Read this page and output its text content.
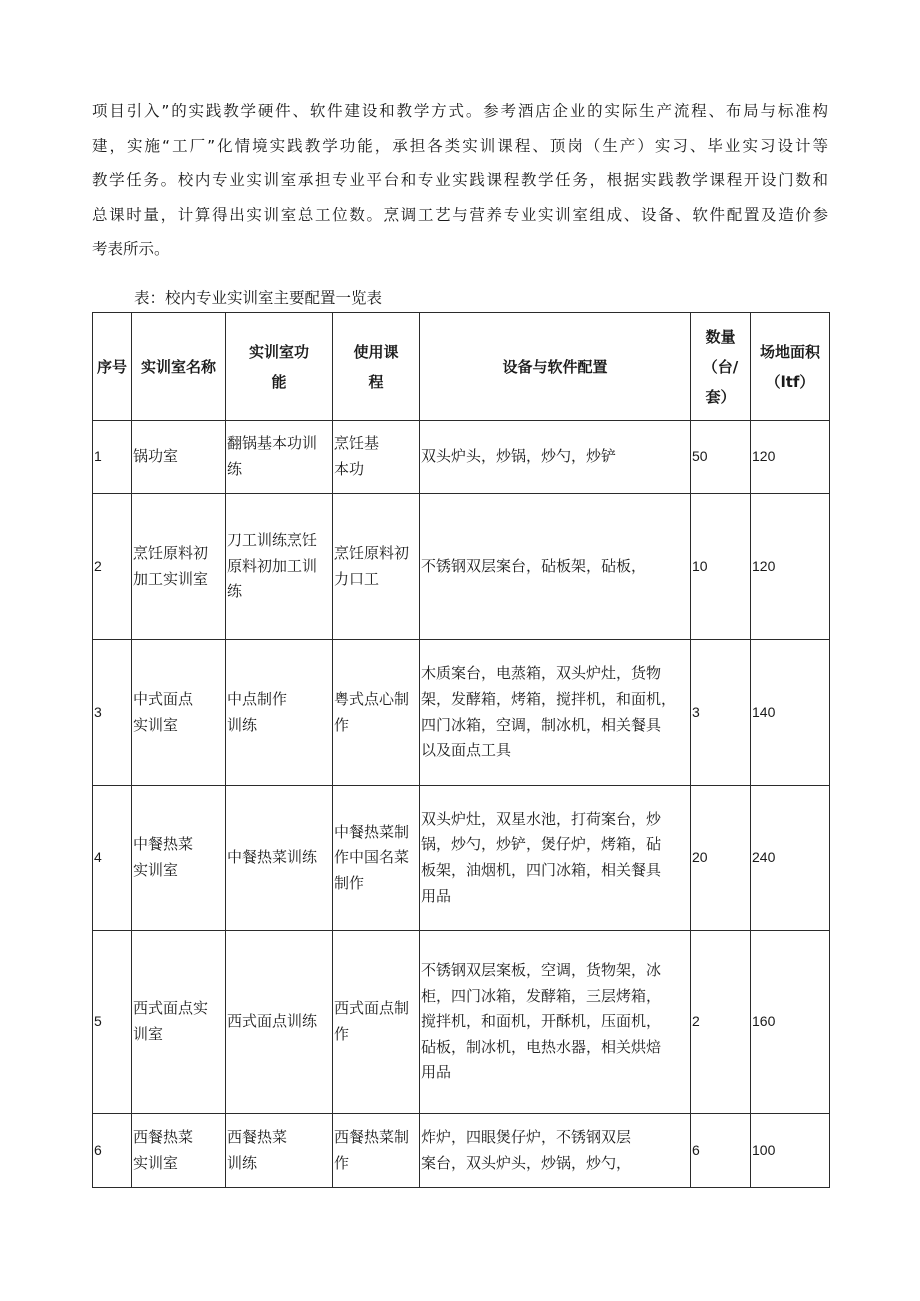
项目引入”的实践教学硬件、软件建设和教学方式。参考酒店企业的实际生产流程、布局与标准构
建，实施“工厂”化情境实践教学功能，承担各类实训课程、顶岗（生产）实习、毕业实习设计等
教学任务。校内专业实训室承担专业平台和专业实践课程教学任务，根据实践教学课程开设门数和
总课时量，计算得出实训室总工位数。烹调工艺与营养专业实训室组成、设备、软件配置及造价参
考表所示。
表：校内专业实训室主要配置一览表
序号	实训室名称	实训室功
能	使用课
程	设备与软件配置	数量
（台/
套）	场地面积
（ltf）

1	锅功室	翻锅基本功训
练	烹饪基
本功	双头炉头，炒锅，炒勺，炒铲	50	120
2	烹饪原料初
加工实训室	刀工训练烹饪
原料初加工训
练	烹饪原料初
力口工	不锈钢双层案台，砧板架，砧板，	10	120
3	中式面点
实训室	中点制作
训练	粤式点心制
作	木质案台，电蒸箱，双头炉灶，货物
架，发酵箱，烤箱，搅拌机，和面机，
四门冰箱，空调，制冰机，相关餐具
以及面点工具	3	140
4	中餐热菜
实训室	中餐热菜训练	中餐热菜制
作中国名菜
制作	双头炉灶，双星水池，打荷案台，炒
锅，炒勺，炒铲，煲仔炉，烤箱，砧
板架，油烟机，四门冰箱，相关餐具
用品	20	240
5	西式面点实
训室	西式面点训练	西式面点制
作	不锈钢双层案板，空调，货物架，冰
柜，四门冰箱，发酵箱，三层烤箱，
搅拌机，和面机，开酥机，压面机，
砧板，制冰机，电热水器，相关烘焙
用品	2	160
6	西餐热菜
实训室	西餐热菜
训练	西餐热菜制
作	炸炉，四眼煲仔炉，不锈钢双层
案台，双头炉头，炒锅，炒勺，	6	100
